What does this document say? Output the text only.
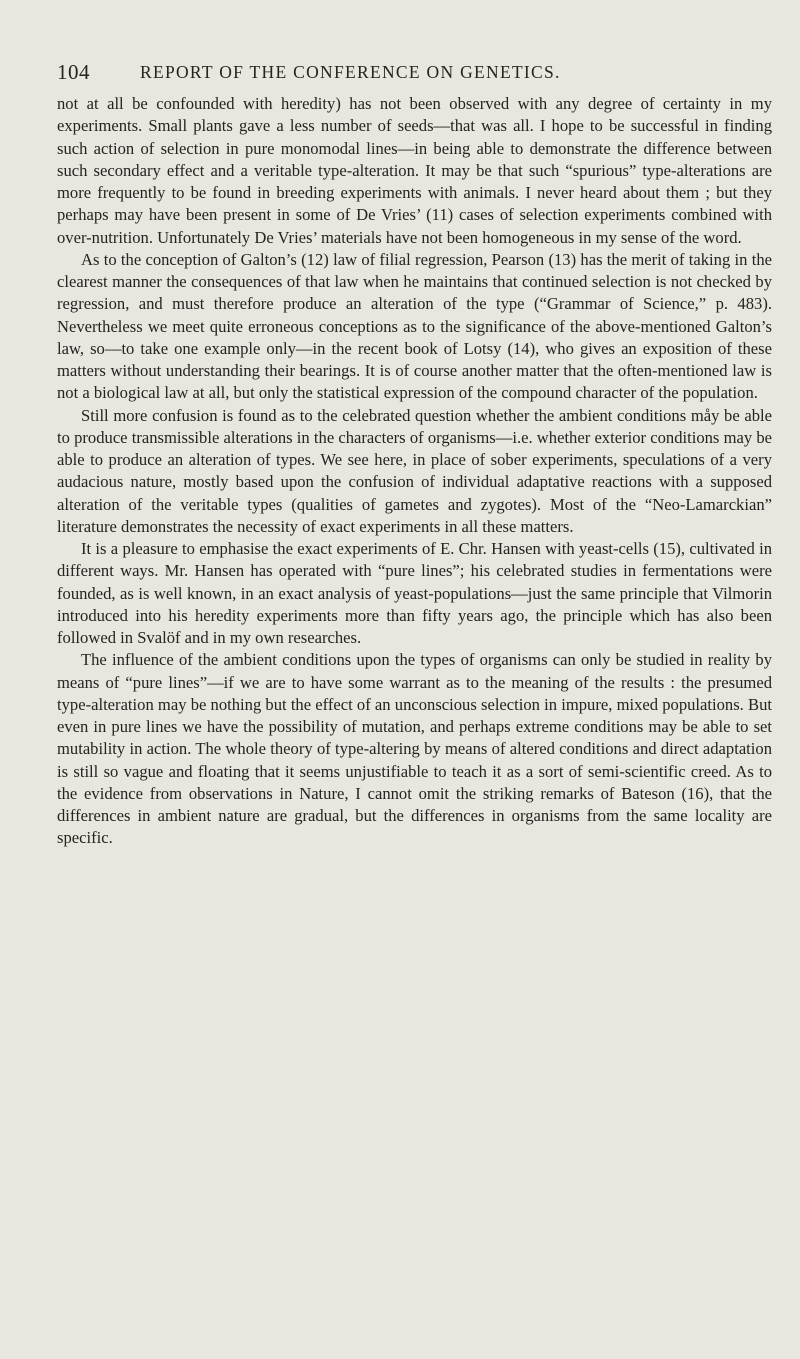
104	REPORT OF THE CONFERENCE ON GENETICS.

not at all be confounded with heredity) has not been observed with any degree of certainty in my experiments. Small plants gave a less number of seeds—that was all. I hope to be successful in finding such action of selection in pure monomodal lines—in being able to demonstrate the difference between such secondary effect and a veritable type-alteration. It may be that such “spurious” type-alterations are more frequently to be found in breeding experiments with animals. I never heard about them ; but they perhaps may have been present in some of De Vries’ (11) cases of selection experiments combined with over-nutrition. Unfortunately De Vries’ materials have not been homogeneous in my sense of the word.

As to the conception of Galton’s (12) law of filial regression, Pearson (13) has the merit of taking in the clearest manner the consequences of that law when he maintains that continued selection is not checked by regression, and must therefore produce an alteration of the type (“Grammar of Science,” p. 483). Nevertheless we meet quite erroneous conceptions as to the significance of the above-mentioned Galton’s law, so—to take one example only—in the recent book of Lotsy (14), who gives an exposition of these matters without understanding their bearings. It is of course another matter that the often-mentioned law is not a biological law at all, but only the statistical expression of the compound character of the population.

Still more confusion is found as to the celebrated question whether the ambient conditions måy be able to produce transmissible alterations in the characters of organisms—i.e. whether exterior conditions may be able to produce an alteration of types. We see here, in place of sober experiments, speculations of a very audacious nature, mostly based upon the confusion of individual adaptative reactions with a supposed alteration of the veritable types (qualities of gametes and zygotes). Most of the “Neo-Lamarckian” literature demonstrates the necessity of exact experiments in all these matters.

It is a pleasure to emphasise the exact experiments of E. Chr. Hansen with yeast-cells (15), cultivated in different ways. Mr. Hansen has operated with “pure lines”; his celebrated studies in fermentations were founded, as is well known, in an exact analysis of yeast-populations—just the same principle that Vilmorin introduced into his heredity experiments more than fifty years ago, the principle which has also been followed in Svalöf and in my own researches.

The influence of the ambient conditions upon the types of organisms can only be studied in reality by means of “pure lines”—if we are to have some warrant as to the meaning of the results : the presumed type-alteration may be nothing but the effect of an unconscious selection in impure, mixed populations. But even in pure lines we have the possibility of mutation, and perhaps extreme conditions may be able to set mutability in action. The whole theory of type-altering by means of altered conditions and direct adaptation is still so vague and floating that it seems unjustifiable to teach it as a sort of semi-scientific creed. As to the evidence from observations in Nature, I cannot omit the striking remarks of Bateson (16), that the differences in ambient nature are gradual, but the differences in organisms from the same locality are specific.
